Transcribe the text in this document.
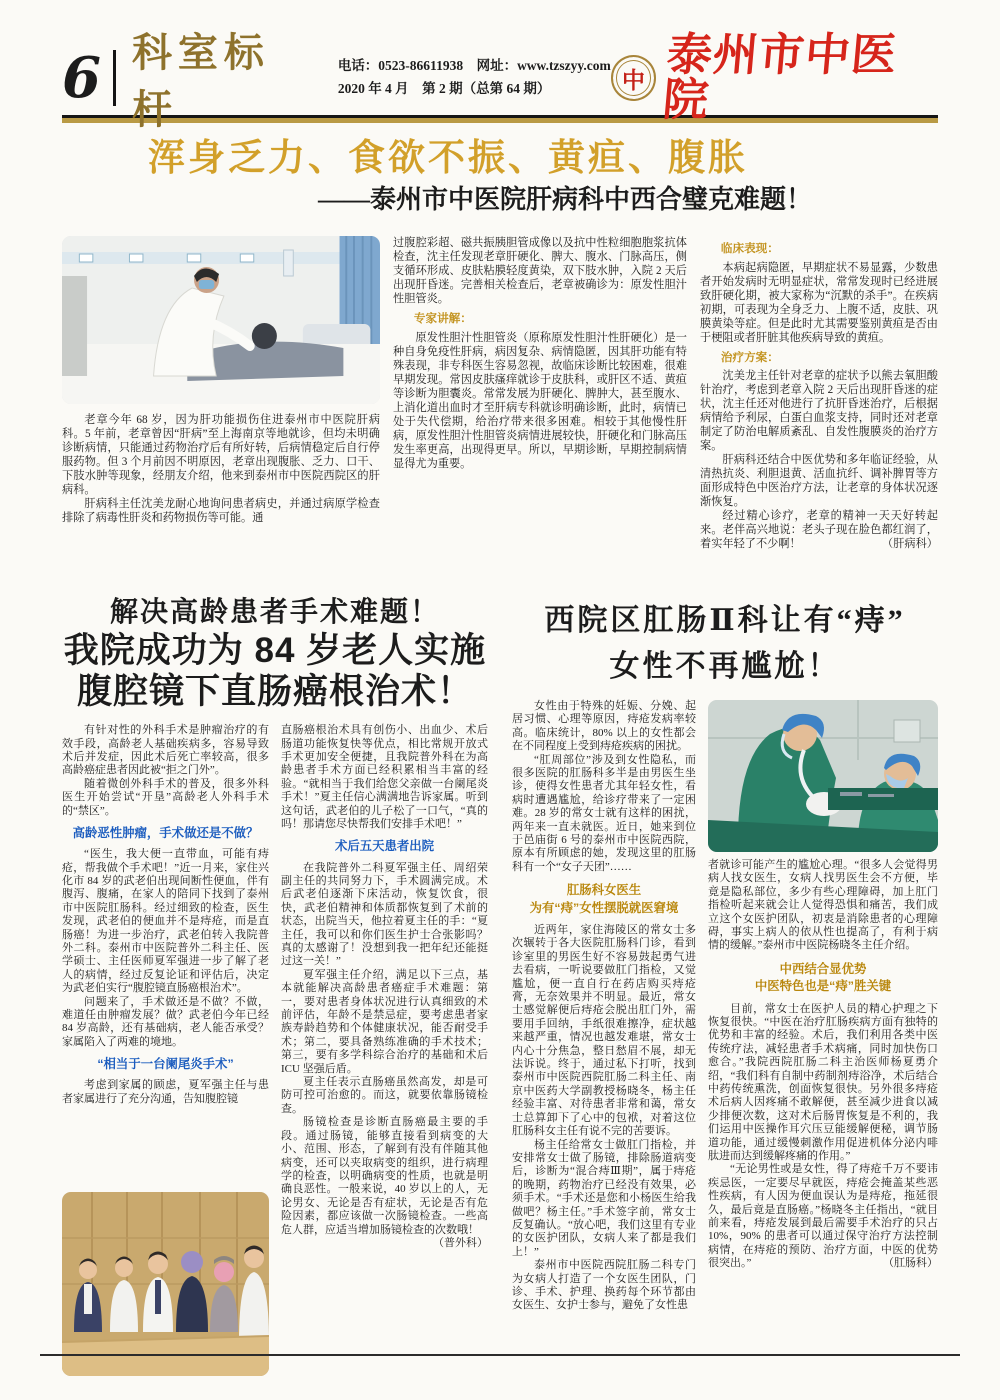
6 科室标杆
电话：0523-86611938　网址：www.tzszyy.com
2020 年 4 月　第 2 期（总第 64 期）	中 泰州市中医院
浑身乏力、食欲不振、黄疸、腹胀
——泰州市中医院肝病科中西合璧克难题！

老章今年 68 岁，因为肝功能损伤住进泰州市中医院肝病科。5 年前，老章曾因“肝病”至上海南京等地就诊，但均未明确诊断病情，只能通过药物治疗后有所好转，后病情稳定后自行停服药物。但 3 个月前因不明原因，老章出现腹胀、乏力、口干、下肢水肿等现象，经朋友介绍，他来到泰州市中医院西院区的肝病科。

肝病科主任沈美龙耐心地询问患者病史，并通过病原学检查排除了病毒性肝炎和药物损伤等可能。通

过腹腔彩超、磁共振胰胆管成像以及抗中性粒细胞胞浆抗体检查，沈主任发现老章肝硬化、脾大、腹水、门脉高压，侧支循环形成、皮肤粘膜轻度黄染，双下肢水肿，入院 2 天后出现肝昏迷。完善相关检查后，老章被确诊为：原发性胆汁性胆管炎。

专家讲解：

原发性胆汁性胆管炎（原称原发性胆汁性肝硬化）是一种自身免疫性肝病，病因复杂、病情隐匿，因其肝功能有特殊表现，非专科医生容易忽视，故临床诊断比较困难，很难早期发现。常因皮肤瘙痒就诊于皮肤科，或肝区不适、黄疸等诊断为胆囊炎。常常发展为肝硬化、脾肿大，甚至腹水、上消化道出血时才至肝病专科就诊明确诊断，此时，病情已处于失代偿期，给治疗带来很多困难。相较于其他慢性肝病，原发性胆汁性胆管炎病情进展较快，肝硬化和门脉高压发生率更高，出现得更早。所以，早期诊断，早期控制病情显得尤为重要。

临床表现：

本病起病隐匿，早期症状不易显露，少数患者开始发病时无明显症状，常常发现时已经进展致肝硬化期，被大家称为“沉默的杀手”。在疾病初期，可表现为全身乏力、上腹不适，皮肤、巩膜黄染等症。但是此时尤其需要鉴别黄疸是否由于梗阻或者肝脏其他疾病导致的黄疸。

治疗方案：

沈美龙主任针对老章的症状予以熊去氧胆酸针治疗，考虑到老章入院 2 天后出现肝昏迷的症状，沈主任还对他进行了抗肝昏迷治疗，后根据病情给予利尿，白蛋白血浆支持，同时还对老章制定了防治电解质紊乱、自发性腹膜炎的治疗方案。

肝病科还结合中医优势和多年临证经验，从清热抗炎、利胆退黄、活血抗纤、调补脾胃等方面形成特色中医治疗方法，让老章的身体状况逐渐恢复。

经过精心诊疗，老章的精神一天天好转起来。老伴高兴地说：老头子现在脸色都红润了，着实年轻了不少啊！	（肝病科）

解决高龄患者手术难题！
我院成功为 84 岁老人实施
腹腔镜下直肠癌根治术！

有针对性的外科手术是肿瘤治疗的有效手段，高龄老人基础疾病多，容易导致术后并发症，因此术后死亡率较高，很多高龄癌症患者因此被“拒之门外”。

随着微创外科手术的普及，很多外科医生开始尝试“开垦”高龄老人外科手术的“禁区”。

高龄恶性肿瘤，手术做还是不做？

“医生，我大便一直带血，可能有痔疮，帮我做个手术吧！”近一月来，家住兴化市 84 岁的武老伯出现间断性便血，伴有腹泻、腹痛，在家人的陪同下找到了泰州市中医院肛肠科。经过细致的检查，医生发现，武老伯的便血并不是痔疮，而是直肠癌！为进一步治疗，武老伯转入我院普外二科。泰州市中医院普外二科主任、医学硕士、主任医师夏军强进一步了解了老人的病情，经过反复论证和评估后，决定为武老伯实行“腹腔镜直肠癌根治术”。

问题来了，手术做还是不做？不做，难道任由肿瘤发展？做？武老伯今年已经 84 岁高龄，还有基础病，老人能否承受？家属陷入了两难的境地。

“相当于一台阑尾炎手术”

考虑到家属的顾虑，夏军强主任与患者家属进行了充分沟通，告知腹腔镜

直肠癌根治术具有创伤小、出血少、术后肠道功能恢复快等优点，相比常规开放式手术更加安全便捷，且我院普外科在为高龄患者手术方面已经积累相当丰富的经验。“就相当于我们给您父亲做一台阑尾炎手术！”夏主任信心满满地告诉家属。听到这句话，武老伯的儿子松了一口气，“真的吗！那请您尽快帮我们安排手术吧！”

术后五天患者出院

在我院普外二科夏军强主任、周绍荣副主任的共同努力下，手术圆满完成。术后武老伯逐渐下床活动，恢复饮食，很快，武老伯精神和体质都恢复到了术前的状态，出院当天，他拉着夏主任的手：“夏主任，我可以和你们医生护士合张影吗？真的太感谢了！没想到我一把年纪还能挺过这一关！”

夏军强主任介绍，满足以下三点，基本就能解决高龄患者癌症手术难题：第一，要对患者身体状况进行认真细致的术前评估，年龄不是禁忌症，要考虑患者家族寿龄趋势和个体健康状况，能否耐受手术；第二，要具备熟练准确的手术技术；第三，要有多学科综合治疗的基础和术后 ICU 坚强后盾。

夏主任表示直肠癌虽然高发，却是可防可控可治愈的。而这，就要依靠肠镜检查。

肠镜检查是诊断直肠癌最主要的手段。通过肠镜，能够直接看到病变的大小、范围、形态，了解到有没有伴随其他病变，还可以夹取病变的组织，进行病理学的检查，以明确病变的性质，也就是明确良恶性。一般来说，40 岁以上的人，无论男女、无论是否有症状，无论是否有危险因素，都应该做一次肠镜检查。一些高危人群，应适当增加肠镜检查的次数哦！
（普外科）

西院区肛肠Ⅱ科让有“痔”
女性不再尴尬！

女性由于特殊的妊娠、分娩、起居习惯、心理等原因，痔疮发病率较高。临床统计，80% 以上的女性都会在不同程度上受到痔疮疾病的困扰。

“肛周部位”涉及到女性隐私，而很多医院的肛肠科多半是由男医生坐诊，使得女性患者尤其年轻女性，看病时遭遇尴尬，给诊疗带来了一定困难。28 岁的常女士就有这样的困扰，两年来一直未就医。近日，她来到位于邑庙街 6 号的泰州市中医院西院，原本有所顾虑的她，发现这里的肛肠科有一个“女子天团”……

肛肠科女医生
为有“痔”女性摆脱就医窘境

近两年，家住海陵区的常女士多次辗转于各大医院肛肠科门诊，看到诊室里的男医生好不容易鼓起勇气进去看病，一听说要做肛门指检，又觉尴尬，便一直自行在药店购买痔疮膏，无奈效果并不明显。最近，常女士感觉解便后痔疮会脱出肛门外，需要用手回纳，手纸很难擦净，症状越来越严重，情况也越发难堪，常女士内心十分焦急，整日愁眉不展，却无法诉说。终于，通过私下打听，找到泰州市中医院西院肛肠二科主任、南京中医药大学副教授杨晓冬，杨主任经验丰富、对待患者非常和蔼，常女士总算卸下了心中的包袱，对着这位肛肠科女主任有说不完的苦要诉。

杨主任给常女士做肛门指检，并安排常女士做了肠镜，排除肠道病变后，诊断为“混合痔Ⅲ期”，属于痔疮的晚期，药物治疗已经没有效果，必须手术。“手术还是您和小杨医生给我做吧？杨主任。”手术签字前，常女士反复确认。“放心吧，我们这里有专业的女医护团队，女病人来了都是我们上！”

泰州市中医院西院肛肠二科专门为女病人打造了一个女医生团队，门诊、手术、护理、换药每个环节都由女医生、女护士参与，避免了女性患

者就诊可能产生的尴尬心理。“很多人会觉得男病人找女医生，女病人找男医生会不方便，毕竟是隐私部位，多少有些心理障碍，加上肛门指检听起来就会让人觉得恐惧和痛苦，我们成立这个女医护团队，初衷是消除患者的心理障碍，事实上病人的依从性也提高了，有利于病情的缓解。”泰州市中医院杨晓冬主任介绍。

中西结合显优势
中医特色也是“痔”胜关键

目前，常女士在医护人员的精心护理之下恢复很快。“中医在治疗肛肠疾病方面有独特的优势和丰富的经验。术后，我们利用各类中医传统疗法，减轻患者手术病痛，同时加快伤口愈合。”我院西院肛肠二科主治医师杨夏勇介绍，“我们科有自制中药制剂痔浴净，术后结合中药传统熏洗，创面恢复很快。另外很多痔疮术后病人因疼痛不敢解便，甚至减少进食以减少排便次数，这对术后肠胃恢复是不利的，我们运用中医操作耳穴压豆能缓解便秘，调节肠道功能，通过缓慢刺激作用促进机体分泌内啡肽进而达到缓解疼痛的作用。”

“无论男性或是女性，得了痔疮千万不要讳疾忌医，一定要尽早就医，痔疮会掩盖某些恶性疾病，有人因为便血误认为是痔疮，拖延很久，最后竟是直肠癌。”杨晓冬主任指出，“就目前来看，痔疮发展到最后需要手术治疗的只占 10%，90% 的患者可以通过保守治疗方法控制病情，在痔疮的预防、治疗方面，中医的优势很突出。”	（肛肠科）
